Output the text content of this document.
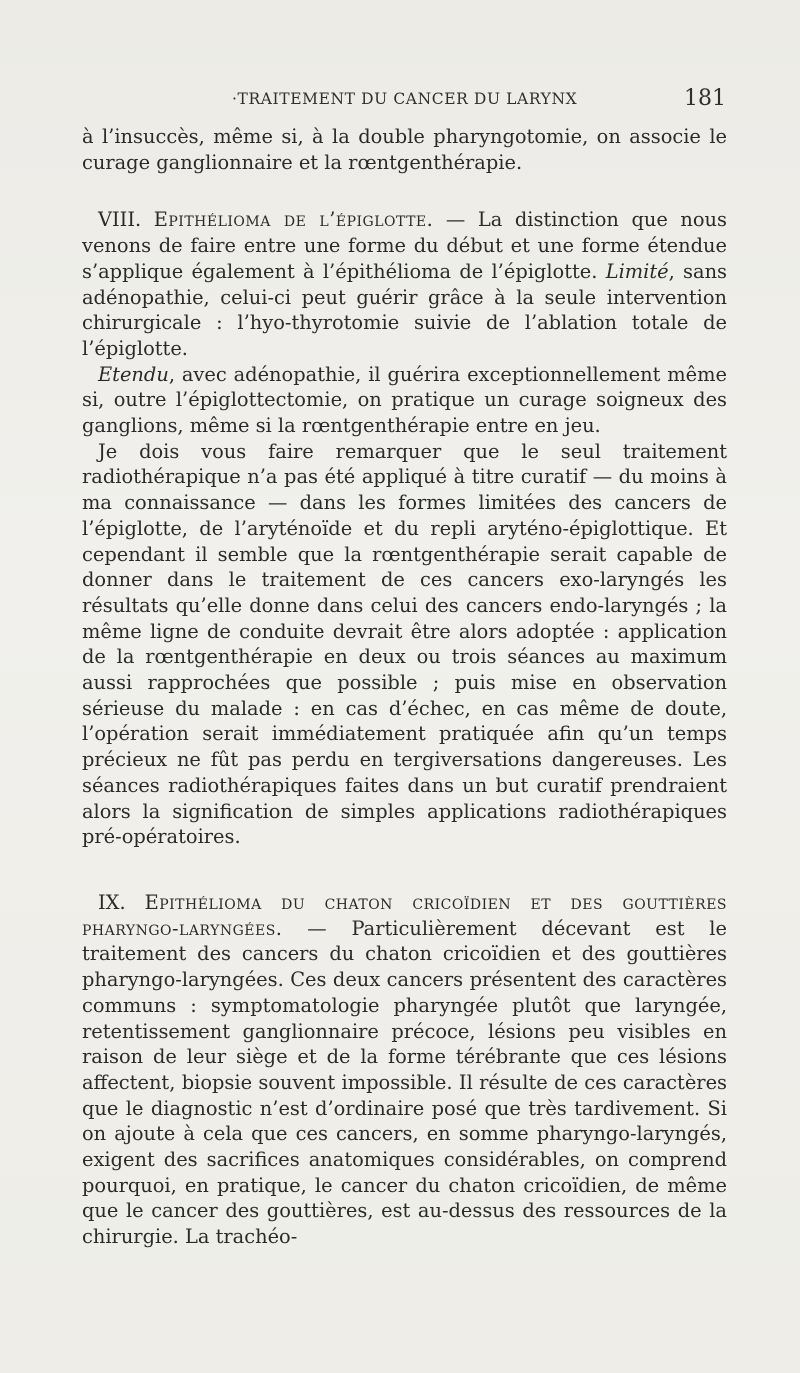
·TRAITEMENT DU CANCER DU LARYNX	181

à l’insuccès, même si, à la double pharyngotomie, on associe le curage ganglionnaire et la rœntgenthérapie.

VIII. Epithélioma de l’épiglotte. — La distinction que nous venons de faire entre une forme du début et une forme étendue s’applique également à l’épithélioma de l’épiglotte. Limité, sans adénopathie, celui-ci peut guérir grâce à la seule intervention chirurgicale : l’hyo-thyrotomie suivie de l’ablation totale de l’épiglotte.

Etendu, avec adénopathie, il guérira exceptionnellement même si, outre l’épiglottectomie, on pratique un curage soigneux des ganglions, même si la rœntgenthérapie entre en jeu.

Je dois vous faire remarquer que le seul traitement radiothérapique n’a pas été appliqué à titre curatif — du moins à ma connaissance — dans les formes limitées des cancers de l’épiglotte, de l’aryténoïde et du repli aryténo-épiglottique. Et cependant il semble que la rœntgenthérapie serait capable de donner dans le traitement de ces cancers exo-laryngés les résultats qu’elle donne dans celui des cancers endo-laryngés ; la même ligne de conduite devrait être alors adoptée : application de la rœntgenthérapie en deux ou trois séances au maximum aussi rapprochées que possible ; puis mise en observation sérieuse du malade : en cas d’échec, en cas même de doute, l’opération serait immédiatement pratiquée afin qu’un temps précieux ne fût pas perdu en tergiversations dangereuses. Les séances radiothérapiques faites dans un but curatif prendraient alors la signification de simples applications radiothérapiques pré-opératoires.

IX. Epithélioma du chaton cricoïdien et des gouttières pharyngo-laryngées. — Particulièrement décevant est le traitement des cancers du chaton cricoïdien et des gouttières pharyngo-laryngées. Ces deux cancers présentent des caractères communs : symptomatologie pharyngée plutôt que laryngée, retentissement ganglionnaire précoce, lésions peu visibles en raison de leur siège et de la forme térébrante que ces lésions affectent, biopsie souvent impossible. Il résulte de ces caractères que le diagnostic n’est d’ordinaire posé que très tardivement. Si on ajoute à cela que ces cancers, en somme pharyngo-laryngés, exigent des sacrifices anatomiques considérables, on comprend pourquoi, en pratique, le cancer du chaton cricoïdien, de même que le cancer des gouttières, est au-dessus des ressources de la chirurgie. La trachéo-
